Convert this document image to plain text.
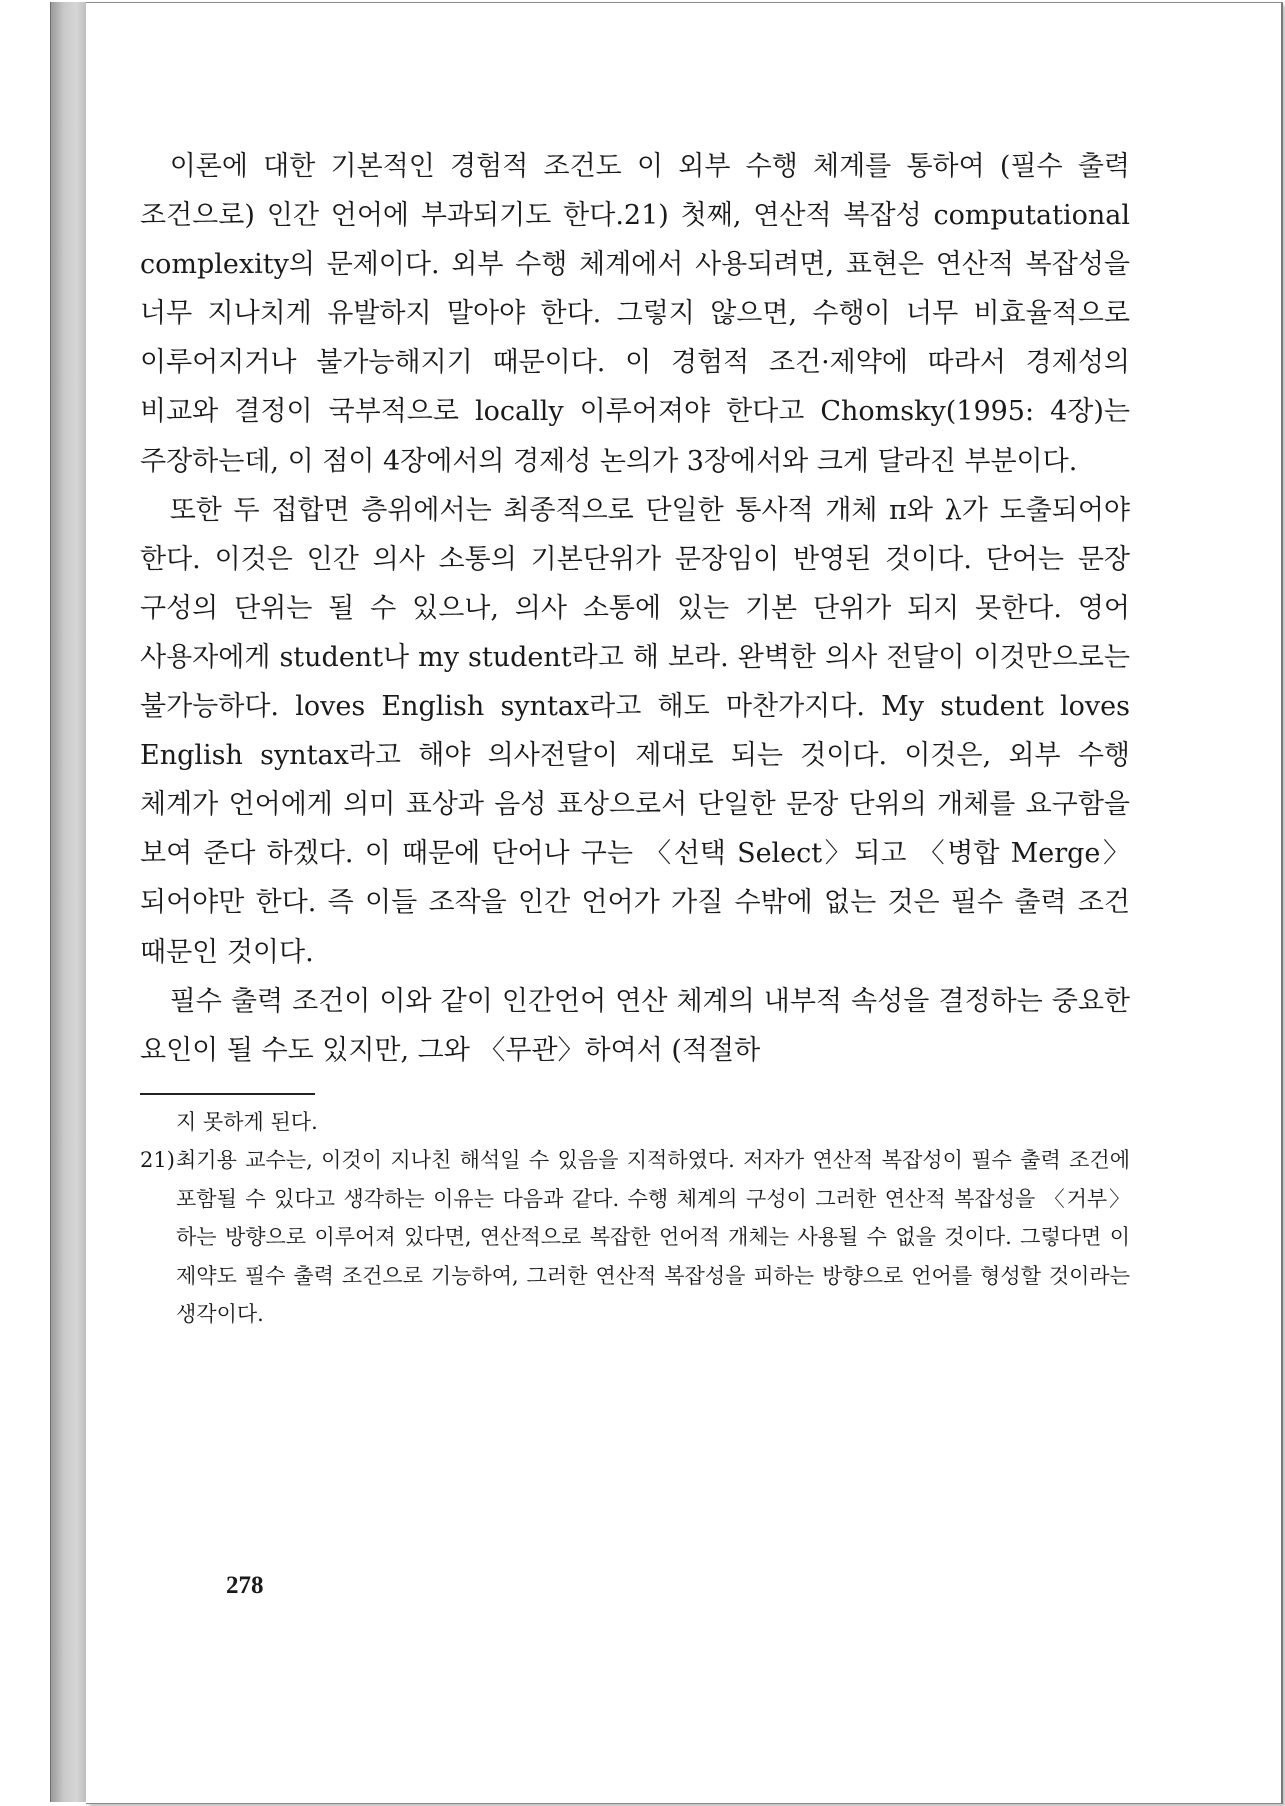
이론에 대한 기본적인 경험적 조건도 이 외부 수행 체계를 통하여 (필수 출력 조건으로) 인간 언어에 부과되기도 한다.21) 첫째, 연산적 복잡성 computational complexity의 문제이다. 외부 수행 체계에서 사용되려면, 표현은 연산적 복잡성을 너무 지나치게 유발하지 말아야 한다. 그렇지 않으면, 수행이 너무 비효율적으로 이루어지거나 불가능해지기 때문이다. 이 경험적 조건·제약에 따라서 경제성의 비교와 결정이 국부적으로 locally 이루어져야 한다고 Chomsky(1995: 4장)는 주장하는데, 이 점이 4장에서의 경제성 논의가 3장에서와 크게 달라진 부분이다.

또한 두 접합면 층위에서는 최종적으로 단일한 통사적 개체 π와 λ가 도출되어야 한다. 이것은 인간 의사 소통의 기본단위가 문장임이 반영된 것이다. 단어는 문장 구성의 단위는 될 수 있으나, 의사 소통에 있는 기본 단위가 되지 못한다. 영어 사용자에게 student나 my student라고 해 보라. 완벽한 의사 전달이 이것만으로는 불가능하다. loves English syntax라고 해도 마찬가지다. My student loves English syntax라고 해야 의사전달이 제대로 되는 것이다. 이것은, 외부 수행 체계가 언어에게 의미 표상과 음성 표상으로서 단일한 문장 단위의 개체를 요구함을 보여 준다 하겠다. 이 때문에 단어나 구는 〈선택 Select〉되고 〈병합 Merge〉되어야만 한다. 즉 이들 조작을 인간 언어가 가질 수밖에 없는 것은 필수 출력 조건 때문인 것이다.

필수 출력 조건이 이와 같이 인간언어 연산 체계의 내부적 속성을 결정하는 중요한 요인이 될 수도 있지만, 그와 〈무관〉하여서 (적절하

지 못하게 된다.

21) 최기용 교수는, 이것이 지나친 해석일 수 있음을 지적하였다. 저자가 연산적 복잡성이 필수 출력 조건에 포함될 수 있다고 생각하는 이유는 다음과 같다. 수행 체계의 구성이 그러한 연산적 복잡성을 〈거부〉하는 방향으로 이루어져 있다면, 연산적으로 복잡한 언어적 개체는 사용될 수 없을 것이다. 그렇다면 이 제약도 필수 출력 조건으로 기능하여, 그러한 연산적 복잡성을 피하는 방향으로 언어를 형성할 것이라는 생각이다.
278
